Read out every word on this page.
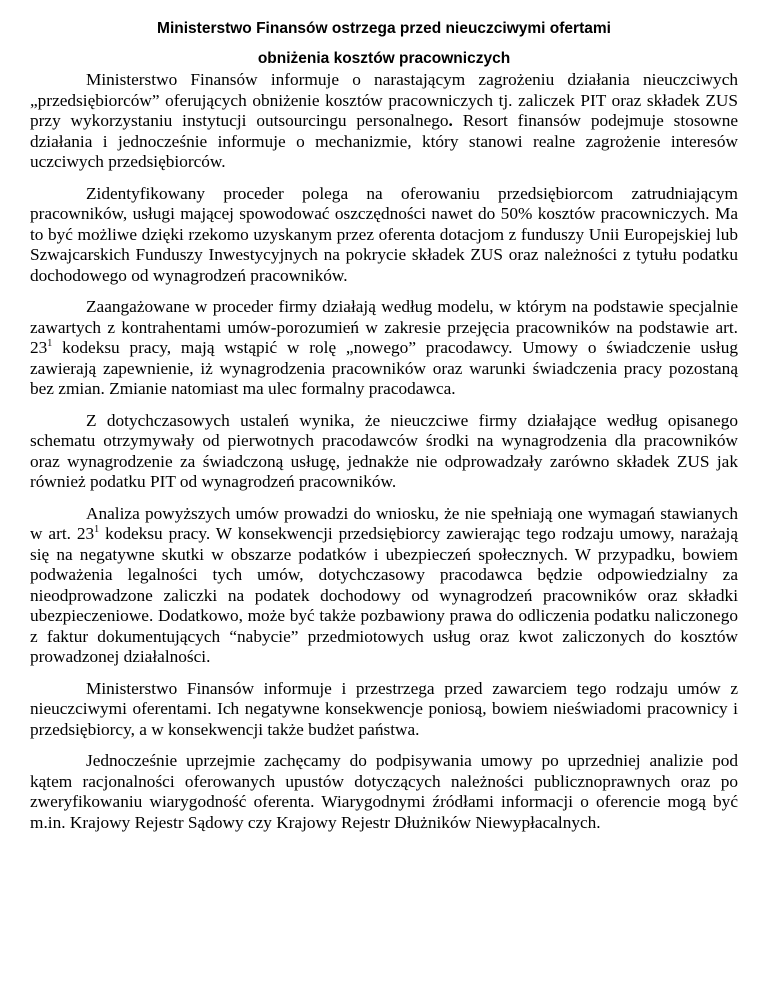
Ministerstwo Finansów ostrzega przed nieuczciwymi ofertami

obniżenia kosztów pracowniczych

Ministerstwo Finansów informuje o narastającym zagrożeniu działania nieuczciwych „przedsiębiorców” oferujących obniżenie kosztów pracowniczych tj. zaliczek PIT oraz składek ZUS przy wykorzystaniu instytucji outsourcingu personalnego. Resort finansów podejmuje stosowne działania i jednocześnie informuje o mechanizmie, który stanowi realne zagrożenie interesów uczciwych przedsiębiorców.

Zidentyfikowany proceder polega na oferowaniu przedsiębiorcom zatrudniającym pracowników, usługi mającej spowodować oszczędności nawet do 50% kosztów pracowniczych. Ma to być możliwe dzięki rzekomo uzyskanym przez oferenta dotacjom z funduszy Unii Europejskiej lub Szwajcarskich Funduszy Inwestycyjnych na pokrycie składek ZUS oraz należności z tytułu podatku dochodowego od wynagrodzeń pracowników.

Zaangażowane w proceder firmy działają według modelu, w którym na podstawie specjalnie zawartych z kontrahentami umów-porozumień w zakresie przejęcia pracowników na podstawie art. $23^1$ kodeksu pracy, mają wstąpić w rolę „nowego” pracodawcy. Umowy o świadczenie usług zawierają zapewnienie, iż wynagrodzenia pracowników oraz warunki świadczenia pracy pozostaną bez zmian. Zmianie natomiast ma ulec formalny pracodawca.

Z dotychczasowych ustaleń wynika, że nieuczciwe firmy działające według opisanego schematu otrzymywały od pierwotnych pracodawców środki na wynagrodzenia dla pracowników oraz wynagrodzenie za świadczoną usługę, jednakże nie odprowadzały zarówno składek ZUS jak również podatku PIT od wynagrodzeń pracowników.

Analiza powyższych umów prowadzi do wniosku, że nie spełniają one wymagań stawianych w art. $23^1$ kodeksu pracy. W konsekwencji przedsiębiorcy zawierając tego rodzaju umowy, narażają się na negatywne skutki w obszarze podatków i ubezpieczeń społecznych. W przypadku, bowiem podważenia legalności tych umów, dotychczasowy pracodawca będzie odpowiedzialny za nieodprowadzone zaliczki na podatek dochodowy od wynagrodzeń pracowników oraz składki ubezpieczeniowe. Dodatkowo, może być także pozbawiony prawa do odliczenia podatku naliczonego z faktur dokumentujących “nabycie” przedmiotowych usług oraz kwot zaliczonych do kosztów prowadzonej działalności.

Ministerstwo Finansów informuje i przestrzega przed zawarciem tego rodzaju umów z nieuczciwymi oferentami. Ich negatywne konsekwencje poniosą, bowiem nieświadomi pracownicy i przedsiębiorcy, a w konsekwencji także budżet państwa.

Jednocześnie uprzejmie zachęcamy do podpisywania umowy po uprzedniej analizie pod kątem racjonalności oferowanych upustów dotyczących należności publicznoprawnych oraz po zweryfikowaniu wiarygodność oferenta. Wiarygodnymi źródłami informacji o oferencie mogą być m.in. Krajowy Rejestr Sądowy czy Krajowy Rejestr Dłużników Niewypłacalnych.
